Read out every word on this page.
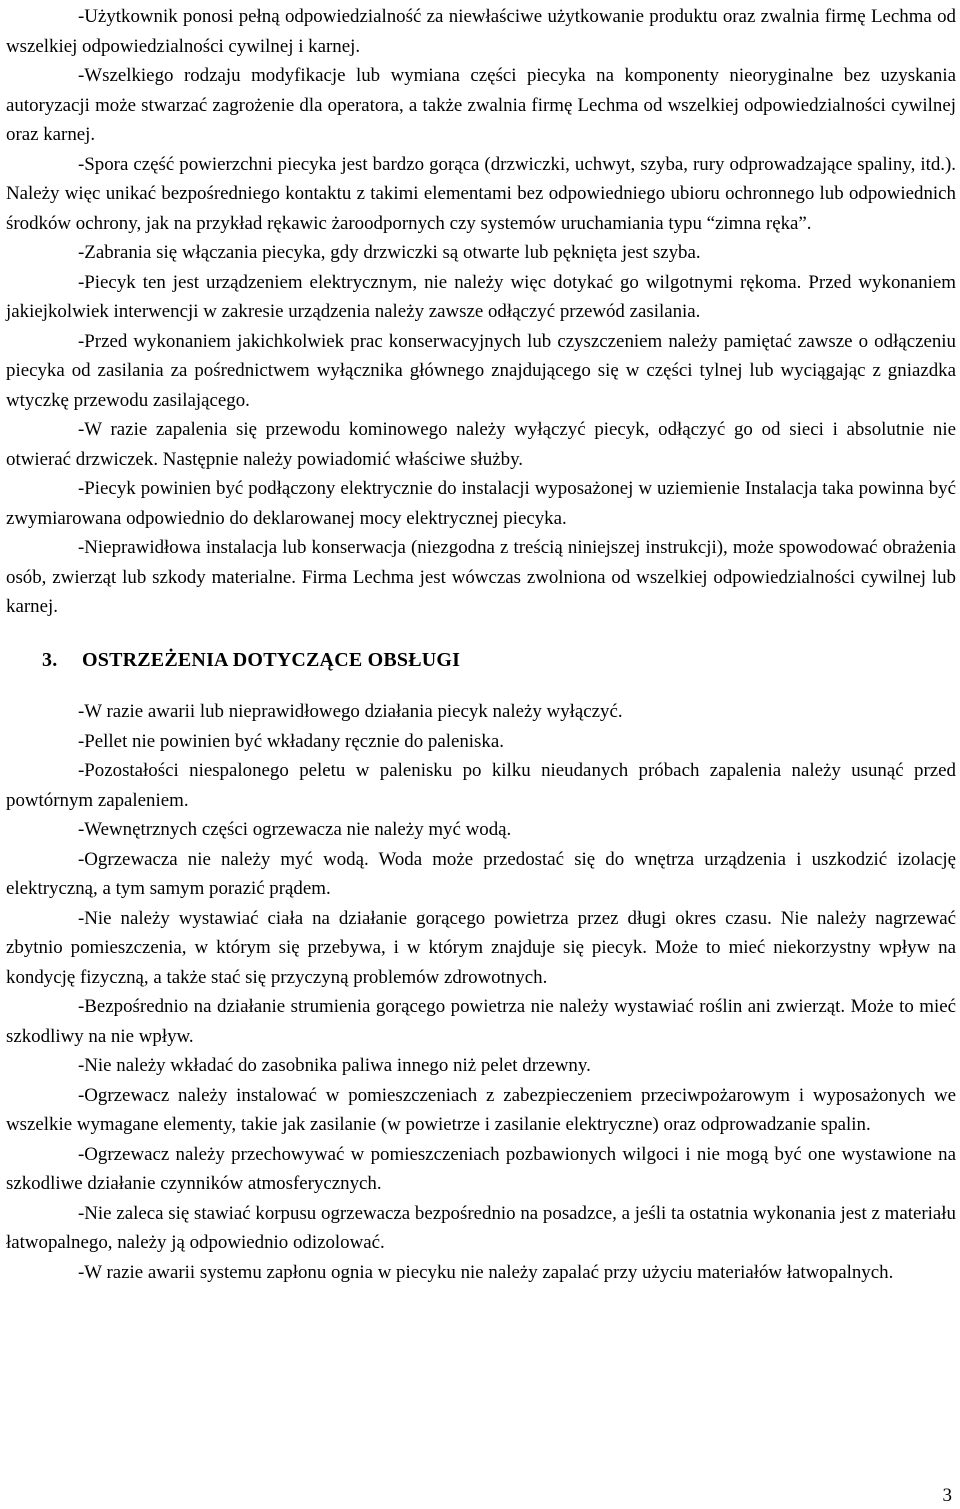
-Użytkownik ponosi pełną odpowiedzialność za niewłaściwe użytkowanie produktu oraz zwalnia firmę Lechma od wszelkiej odpowiedzialności cywilnej i karnej.

-Wszelkiego rodzaju modyfikacje lub wymiana części piecyka na komponenty nieoryginalne bez uzyskania autoryzacji może stwarzać zagrożenie dla operatora, a także zwalnia firmę Lechma od wszelkiej odpowiedzialności cywilnej oraz karnej.

-Spora część powierzchni piecyka jest bardzo gorąca (drzwiczki, uchwyt, szyba, rury odprowadzające spaliny, itd.). Należy więc unikać bezpośredniego kontaktu z takimi elementami bez odpowiedniego ubioru ochronnego lub odpowiednich środków ochrony, jak na przykład rękawic żaroodpornych czy systemów uruchamiania typu “zimna ręka”.

-Zabrania się włączania piecyka, gdy drzwiczki są otwarte lub pęknięta jest szyba.

-Piecyk ten jest urządzeniem elektrycznym, nie należy więc dotykać go wilgotnymi rękoma. Przed wykonaniem jakiejkolwiek interwencji w zakresie urządzenia należy zawsze odłączyć przewód zasilania.

-Przed wykonaniem jakichkolwiek prac konserwacyjnych lub czyszczeniem należy pamiętać zawsze o odłączeniu piecyka od zasilania za pośrednictwem wyłącznika głównego znajdującego się w części tylnej lub wyciągając z gniazdka wtyczkę przewodu zasilającego.

-W razie zapalenia się przewodu kominowego należy wyłączyć piecyk, odłączyć go od sieci i absolutnie nie otwierać drzwiczek. Następnie należy powiadomić właściwe służby.

-Piecyk powinien być podłączony elektrycznie do instalacji wyposażonej w uziemienie Instalacja taka powinna być zwymiarowana odpowiednio do deklarowanej mocy elektrycznej piecyka.

-Nieprawidłowa instalacja lub konserwacja (niezgodna z treścią niniejszej instrukcji), może spowodować obrażenia osób, zwierząt lub szkody materialne. Firma Lechma jest wówczas zwolniona od wszelkiej odpowiedzialności cywilnej lub karnej.

3. OSTRZEŻENIA DOTYCZĄCE OBSŁUGI

-W razie awarii lub nieprawidłowego działania piecyk należy wyłączyć.

-Pellet nie powinien być wkładany ręcznie do paleniska.

-Pozostałości niespalonego peletu w palenisku po kilku nieudanych próbach zapalenia należy usunąć przed powtórnym zapaleniem.

-Wewnętrznych części ogrzewacza nie należy myć wodą.

-Ogrzewacza nie należy myć wodą. Woda może przedostać się do wnętrza urządzenia i uszkodzić izolację elektryczną, a tym samym porazić prądem.

-Nie należy wystawiać ciała na działanie gorącego powietrza przez długi okres czasu. Nie należy nagrzewać zbytnio pomieszczenia, w którym się przebywa, i w którym znajduje się piecyk. Może to mieć niekorzystny wpływ na kondycję fizyczną, a także stać się przyczyną problemów zdrowotnych.

-Bezpośrednio na działanie strumienia gorącego powietrza nie należy wystawiać roślin ani zwierząt. Może to mieć szkodliwy na nie wpływ.

-Nie należy wkładać do zasobnika paliwa innego niż pelet drzewny.

-Ogrzewacz należy instalować w pomieszczeniach z zabezpieczeniem przeciwpożarowym i wyposażonych we wszelkie wymagane elementy, takie jak zasilanie (w powietrze i zasilanie elektryczne) oraz odprowadzanie spalin.

-Ogrzewacz należy przechowywać w pomieszczeniach pozbawionych wilgoci i nie mogą być one wystawione na szkodliwe działanie czynników atmosferycznych.

-Nie zaleca się stawiać korpusu ogrzewacza bezpośrednio na posadzce, a jeśli ta ostatnia wykonania jest z materiału łatwopalnego, należy ją odpowiednio odizolować.

-W razie awarii systemu zapłonu ognia w piecyku nie należy zapalać przy użyciu materiałów łatwopalnych.

3
